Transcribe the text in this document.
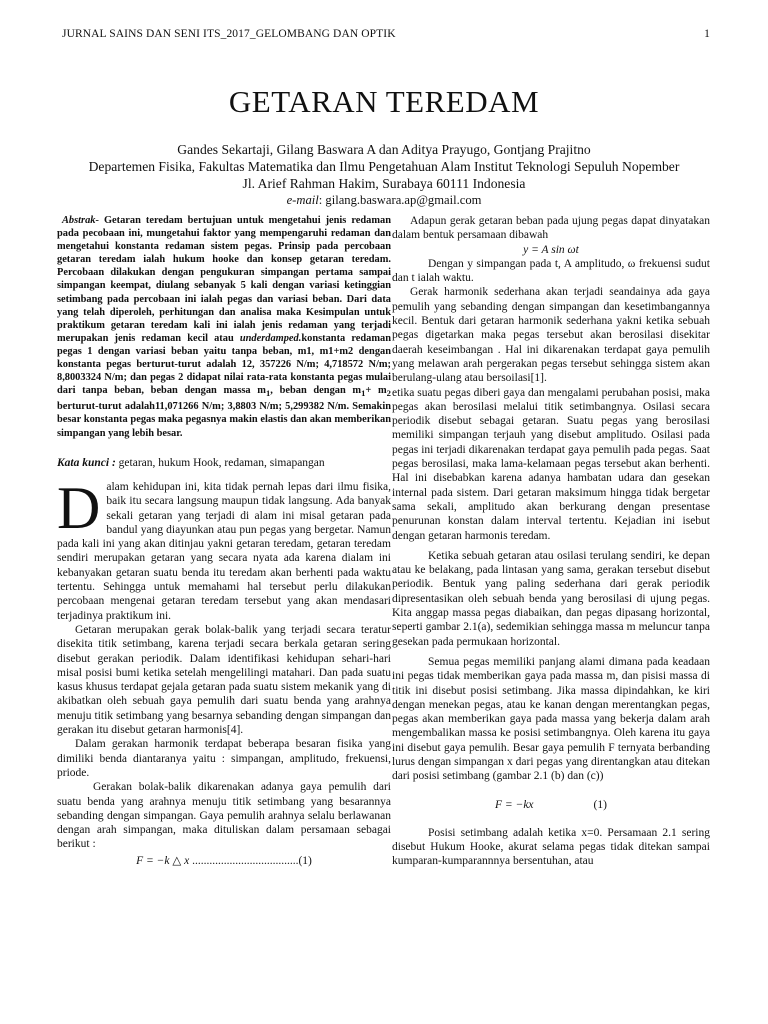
JURNAL SAINS DAN SENI ITS_2017_GELOMBANG DAN OPTIK	1
GETARAN TEREDAM
Gandes Sekartaji, Gilang Baswara A dan Aditya Prayugo, Gontjang Prajitno
Departemen Fisika, Fakultas Matematika dan Ilmu Pengetahuan Alam Institut Teknologi Sepuluh Nopember
Jl. Arief Rahman Hakim, Surabaya 60111 Indonesia
e-mail: gilang.baswara.ap@gmail.com

Abstrak- Getaran teredam bertujuan untuk mengetahui jenis redaman pada pecobaan ini, mungetahui faktor yang mempengaruhi redaman dan mengetahui konstanta redaman sistem pegas. Prinsip pada percobaan getaran teredam ialah hukum hooke dan konsep getaran teredam. Percobaan dilakukan dengan pengukuran simpangan pertama sampai simpangan keempat, diulang sebanyak 5 kali dengan variasi ketinggian setimbang pada percobaan ini ialah pegas dan variasi beban. Dari data yang telah diperoleh, perhitungan dan analisa maka Kesimpulan untuk praktikum getaran teredam kali ini ialah jenis redaman yang terjadi merupakan jenis redaman kecil atau underdamped.konstanta redaman pegas 1 dengan variasi beban yaitu tanpa beban, m1, m1+m2 dengan konstanta pegas berturut-turut adalah 12, 357226 N/m; 4,718572 N/m; 8,8003324 N/m; dan pegas 2 didapat nilai rata-rata konstanta pegas mulai dari tanpa beban, beban dengan massa $m_1$, beban dengan $m_1+ m_2$ berturut-turut adalah11,071266 N/m; 3,8803 N/m; 5,299382 N/m. Semakin besar konstanta pegas maka pegasnya makin elastis dan akan memberikan simpangan yang lebih besar.

Kata kunci : getaran, hukum Hook, redaman, simapangan

Dalam kehidupan ini, kita tidak pernah lepas dari ilmu fisika, baik itu secara langsung maupun tidak langsung. Ada banyak sekali getaran yang terjadi di alam ini misal getaran pada bandul yang diayunkan atau pun pegas yang bergetar. Namun pada kali ini yang akan ditinjau yakni getaran teredam, getaran teredam sendiri merupakan getaran yang secara nyata ada karena dialam ini kebanyakan getaran suatu benda itu teredam akan berhenti pada waktu tertentu. Sehingga untuk memahami hal tersebut perlu dilakukan percobaan mengenai getaran teredam tersebut yang akan mendasari terjadinya praktikum ini.

Getaran merupakan gerak bolak-balik yang terjadi secara teratur disekita titik setimbang, karena terjadi secara berkala getaran sering disebut gerakan periodik. Dalam identifikasi kehidupan sehari-hari misal posisi bumi ketika setelah mengelilingi matahari. Dan pada suatu kasus khusus terdapat gejala getaran pada suatu sistem mekanik yang di akibatkan oleh sebuah gaya pemulih dari suatu benda yang arahnya menuju titik setimbang yang besarnya sebanding dengan simpangan dan gerakan itu disebut getaran harmonis[4].

Dalam gerakan harmonik terdapat beberapa besaran fisika yang dimiliki benda diantaranya yaitu : simpangan, amplitudo, frekuensi, priode.

Gerakan bolak-balik dikarenakan adanya gaya pemulih dari suatu benda yang arahnya menuju titik setimbang yang besarannya sebanding dengan simpangan. Gaya pemulih arahnya selalu berlawanan dengan arah simpangan, maka dituliskan dalam persamaan sebagai berikut :

F = −k △ x .....................................(1)

Adapun gerak getaran beban pada ujung pegas dapat dinyatakan dalam bentuk persamaan dibawah

y = A sin ωt

Dengan y simpangan pada t, A amplitudo, ω frekuensi sudut dan t ialah waktu.

Gerak harmonik sederhana akan terjadi seandainya ada gaya pemulih yang sebanding dengan simpangan dan kesetimbangannya kecil. Bentuk dari getaran harmonik sederhana yakni ketika sebuah pegas digetarkan maka pegas tersebut akan berosilasi disekitar daerah keseimbangan . Hal ini dikarenakan terdapat gaya pemulih yang melawan arah pergerakan pegas tersebut sehingga sistem akan berulang-ulang atau bersoilasi[1].

etika suatu pegas diberi gaya dan mengalami perubahan posisi, maka pegas akan berosilasi melalui titik setimbangnya. Osilasi secara periodik disebut sebagai getaran. Suatu pegas yang berosilasi memiliki simpangan terjauh yang disebut amplitudo. Osilasi pada pegas ini terjadi dikarenakan terdapat gaya pemulih pada pegas. Saat pegas berosilasi, maka lama-kelamaan pegas tersebut akan berhenti. Hal ini disebabkan karena adanya hambatan udara dan gesekan internal pada sistem. Dari getaran maksimum hingga tidak bergetar sama sekali, amplitudo akan berkurang dengan presentase penurunan konstan dalam interval tertentu. Kejadian ini isebut dengan getaran harmonis teredam.

Ketika sebuah getaran atau osilasi terulang sendiri, ke depan atau ke belakang, pada lintasan yang sama, gerakan tersebut disebut periodik. Bentuk yang paling sederhana dari gerak periodik dipresentasikan oleh sebuah benda yang berosilasi di ujung pegas. Kita anggap massa pegas diabaikan, dan pegas dipasang horizontal, seperti gambar 2.1(a), sedemikian sehingga massa m meluncur tanpa gesekan pada permukaan horizontal.

Semua pegas memiliki panjang alami dimana pada keadaan ini pegas tidak memberikan gaya pada massa m, dan pisisi massa di titik ini disebut posisi setimbang. Jika massa dipindahkan, ke kiri dengan menekan pegas, atau ke kanan dengan merentangkan pegas, pegas akan memberikan gaya pada massa yang bekerja dalam arah mengembalikan massa ke posisi setimbangnya. Oleh karena itu gaya ini disebut gaya pemulih. Besar gaya pemulih F ternyata berbanding lurus dengan simpangan x dari pegas yang direntangkan atau ditekan dari posisi setimbang (gambar 2.1 (b) dan (c))

F = −kx	(1)

Posisi setimbang adalah ketika x=0. Persamaan 2.1 sering disebut Hukum Hooke, akurat selama pegas tidak ditekan sampai kumparan-kumparannnya bersentuhan, atau
